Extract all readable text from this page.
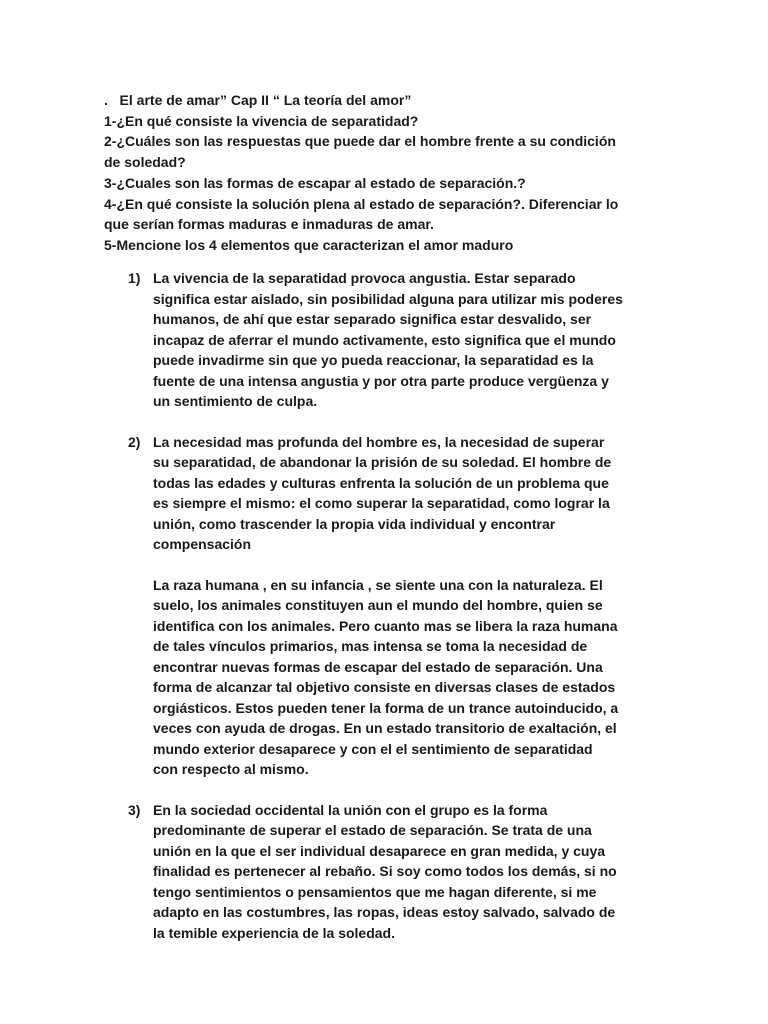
.   El arte de amar” Cap II “ La teoría del amor”
1-¿En qué consiste la vivencia de separatidad?
2-¿Cuáles son las respuestas que puede dar el hombre frente a su condición
de soledad?
3-¿Cuales son las formas de escapar al estado de separación.?
4-¿En qué consiste la solución plena al estado de separación?. Diferenciar lo
que serían formas maduras e inmaduras de amar.
5-Mencione los 4 elementos que caracterizan el amor maduro
1) La vivencia de la separatidad provoca angustia. Estar separado
significa estar aislado, sin posibilidad alguna para utilizar mis poderes
humanos, de ahí que estar separado significa estar desvalido, ser
incapaz de aferrar el mundo activamente, esto significa que el mundo
puede invadirme sin que yo pueda reaccionar, la separatidad es la
fuente de una intensa angustia y por otra parte produce vergüenza y
un sentimiento de culpa.
2) La necesidad mas profunda del hombre es, la necesidad de superar
su separatidad, de abandonar la prisión de su soledad. El hombre de
todas las edades y culturas enfrenta la solución de un problema que
es siempre el mismo: el como superar la separatidad, como lograr la
unión, como trascender la propia vida individual y encontrar
compensación
La raza humana , en su infancia , se siente una con la naturaleza. El
suelo, los animales constituyen aun el mundo del hombre, quien se
identifica con los animales. Pero cuanto mas se libera la raza humana
de tales vínculos primarios, mas intensa se toma la necesidad de
encontrar nuevas formas de escapar del estado de separación. Una
forma de alcanzar tal objetivo consiste en diversas clases de estados
orgiásticos. Estos pueden tener la forma de un trance autoinducido, a
veces con ayuda de drogas. En un estado transitorio de exaltación, el
mundo exterior desaparece y con el el sentimiento de separatidad
con respecto al mismo.
3) En la sociedad occidental la unión con el grupo es la forma
predominante de superar el estado de separación. Se trata de una
unión en la que el ser individual desaparece en gran medida, y cuya
finalidad es pertenecer al rebaño. Si soy como todos los demás, si no
tengo sentimientos o pensamientos que me hagan diferente, si me
adapto en las costumbres, las ropas, ideas estoy salvado, salvado de
la temible experiencia de la soledad.
